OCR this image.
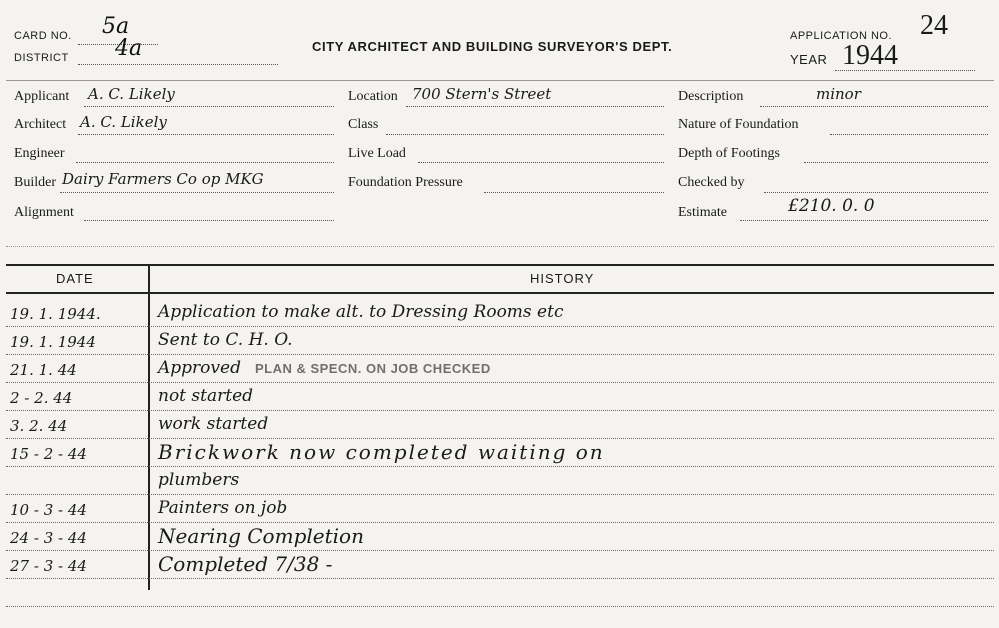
CARD NO. 5a
DISTRICT 4a	CITY ARCHITECT AND BUILDING SURVEYOR'S DEPT.
APPLICATION NO. 24
YEAR 1944
Applicant A. C. Likely
Architect A. C. Likely
Engineer
Builder Dairy Farmers Co op MKG
Alignment
Location 700 Stern's Street
Class
Live Load
Foundation Pressure
Description	minor
Nature of Foundation
Depth of Footings
Checked by
Estimate	£210. 0. 0
DATE	HISTORY
19. 1. 1944.	Application to make alt. to Dressing Rooms etc
19. 1. 1944	Sent to C. H. O.
21. 1. 44	Approved PLAN & SPECN. ON JOB CHECKED
2 - 2. 44	not started
3. 2. 44	work started
15 - 2 - 44	Brickwork now completed waiting on
plumbers
10 - 3 - 44	Painters on job
24 - 3 - 44	Nearing Completion
27 - 3 - 44	Completed 7/38 -
